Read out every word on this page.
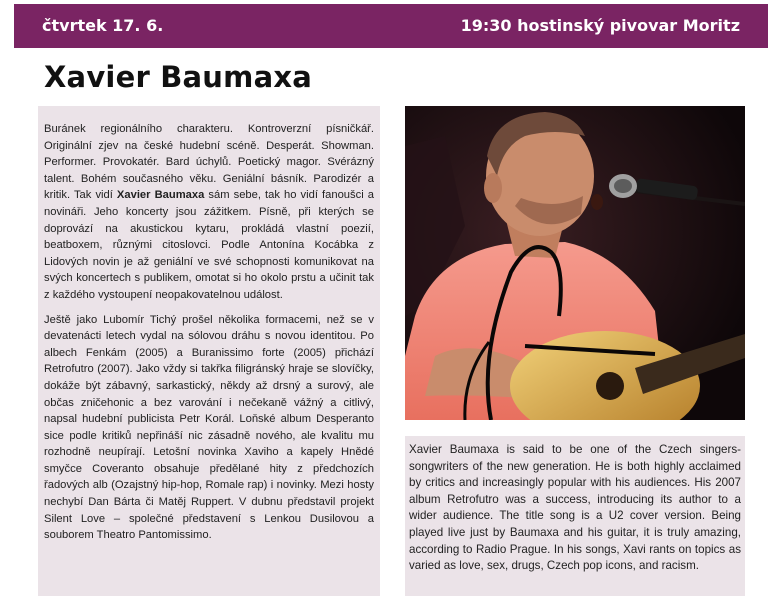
čtvrtek 17. 6.	19:30 hostinský pivovar Moritz
Xavier Baumaxa

Buránek regionálního charakteru. Kontroverzní písničkář. Originální zjev na české hudební scéně. Desperát. Showman. Performer. Provokatér. Bard úchylů. Poetický magor. Svérázný talent. Bohém současného věku. Geniální básník. Parodizér a kritik. Tak vidí Xavier Baumaxa sám sebe, tak ho vidí fanoušci a novináři. Jeho koncerty jsou zážitkem. Písně, při kterých se doprovází na akustickou kytaru, prokládá vlastní poezií, beatboxem, různými citoslovci. Podle Antonína Kocábka z Lidových novin je až geniální ve své schopnosti komunikovat na svých koncertech s publikem, omotat si ho okolo prstu a učinit tak z každého vystoupení neopakovatelnou událost.

Ještě jako Lubomír Tichý prošel několika formacemi, než se v devatenácti letech vydal na sólovou dráhu s novou identitou. Po albech Fenkám (2005) a Buranissimo forte (2005) přichází Retrofutro (2007). Jako vždy si takřka filigránský hraje se slovíčky, dokáže být zábavný, sarkastický, někdy až drsný a surový, ale občas zničehonic a bez varování i nečekaně vážný a citlivý, napsal hudební publicista Petr Korál. Loňské album Desperanto sice podle kritiků nepřináší nic zásadně nového, ale kvalitu mu rozhodně neupírají. Letošní novinka Xaviho a kapely Hnědé smyčce Coveranto obsahuje předělané hity z předchozích řadových alb (Ozajstný hip-hop, Romale rap) i novinky. Mezi hosty nechybí Dan Bárta či Matěj Ruppert. V dubnu představil projekt Silent Love – společné představení s Lenkou Dusilovou a souborem Theatro Pantomissimo.

Xavier Baumaxa is said to be one of the Czech singers-songwriters of the new generation. He is both highly acclaimed by critics and increasingly popular with his audiences. His 2007 album Retrofutro was a success, introducing its author to a wider audience. The title song is a U2 cover version. Being played live just by Baumaxa and his guitar, it is truly amazing, according to Radio Prague. In his songs, Xavi rants on topics as varied as love, sex, drugs, Czech pop icons, and racism.
